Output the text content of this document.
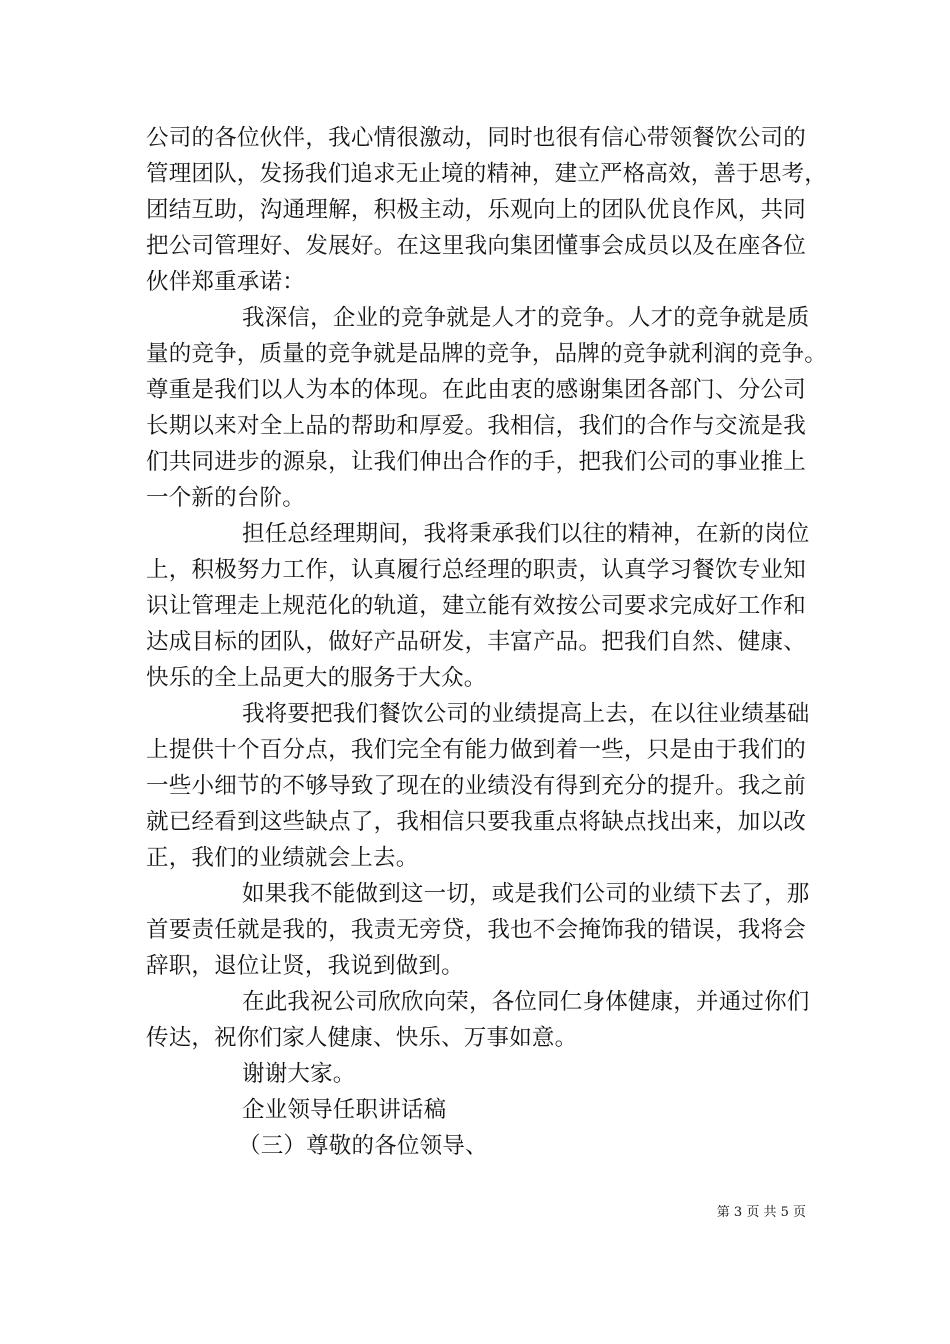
公司的各位伙伴，我心情很激动，同时也很有信心带领餐饮公司的
管理团队，发扬我们追求无止境的精神，建立严格高效，善于思考，
团结互助，沟通理解，积极主动，乐观向上的团队优良作风，共同
把公司管理好、发展好。在这里我向集团懂事会成员以及在座各位
伙伴郑重承诺：
我深信，企业的竞争就是人才的竞争。人才的竞争就是质
量的竞争，质量的竞争就是品牌的竞争，品牌的竞争就利润的竞争。
尊重是我们以人为本的体现。在此由衷的感谢集团各部门、分公司
长期以来对全上品的帮助和厚爱。我相信，我们的合作与交流是我
们共同进步的源泉，让我们伸出合作的手，把我们公司的事业推上
一个新的台阶。
担任总经理期间，我将秉承我们以往的精神，在新的岗位
上，积极努力工作，认真履行总经理的职责，认真学习餐饮专业知
识让管理走上规范化的轨道，建立能有效按公司要求完成好工作和
达成目标的团队，做好产品研发，丰富产品。把我们自然、健康、
快乐的全上品更大的服务于大众。
我将要把我们餐饮公司的业绩提高上去，在以往业绩基础
上提供十个百分点，我们完全有能力做到着一些，只是由于我们的
一些小细节的不够导致了现在的业绩没有得到充分的提升。我之前
就已经看到这些缺点了，我相信只要我重点将缺点找出来，加以改
正，我们的业绩就会上去。
如果我不能做到这一切，或是我们公司的业绩下去了，那
首要责任就是我的，我责无旁贷，我也不会掩饰我的错误，我将会
辞职，退位让贤，我说到做到。
在此我祝公司欣欣向荣，各位同仁身体健康，并通过你们
传达，祝你们家人健康、快乐、万事如意。
谢谢大家。
企业领导任职讲话稿
（三）尊敬的各位领导、
第 3 页 共 5 页
